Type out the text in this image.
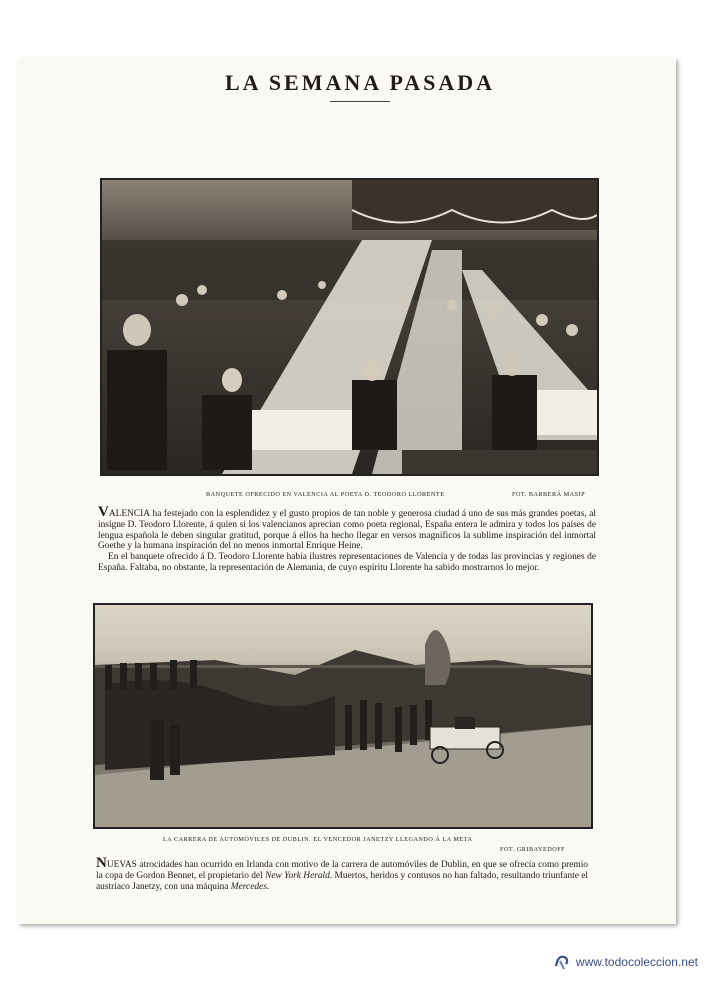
LA SEMANA PASADA
BANQUETE OFRECIDO EN VALENCIA AL POETA D. TEODORO LLORENTE	FOT. BARBERÁ MASIP

VALENCIA ha festejado con la esplendidez y el gusto propios de tan noble y generosa ciudad á uno de sus más grandes poetas, al insigne D. Teodoro Llorente, á quien si los valencianos aprecian como poeta regional, España entera le admira y todos los países de lengua española le deben singular gratitud, porque á ellos ha hecho llegar en versos magníficos la sublime inspiración del inmortal Goethe y la humana inspiración del no menos inmortal Enrique Heine.

En el banquete ofrecido á D. Teodoro Llorente había ilustres representaciones de Valencia y de todas las provincias y regiones de España. Faltaba, no obstante, la representación de Alemania, de cuyo espíritu Llorente ha sabido mostrarnos lo mejor.

LA CARRERA DE AUTOMÓVILES DE DUBLIN. EL VENCEDOR JANETZY LLEGANDO Á LA META
FOT. GRIBAYEDOFF

NUEVAS atrocidades han ocurrido en Irlanda con motivo de la carrera de automóviles de Dublin, en que se ofrecía como premio la copa de Gordon Bennet, el propietario del New York Herald. Muertos, heridos y contusos no han faltado, resultando triunfante el austriaco Janetzy, con una máquina Mercedes.

www.todocoleccion.net
